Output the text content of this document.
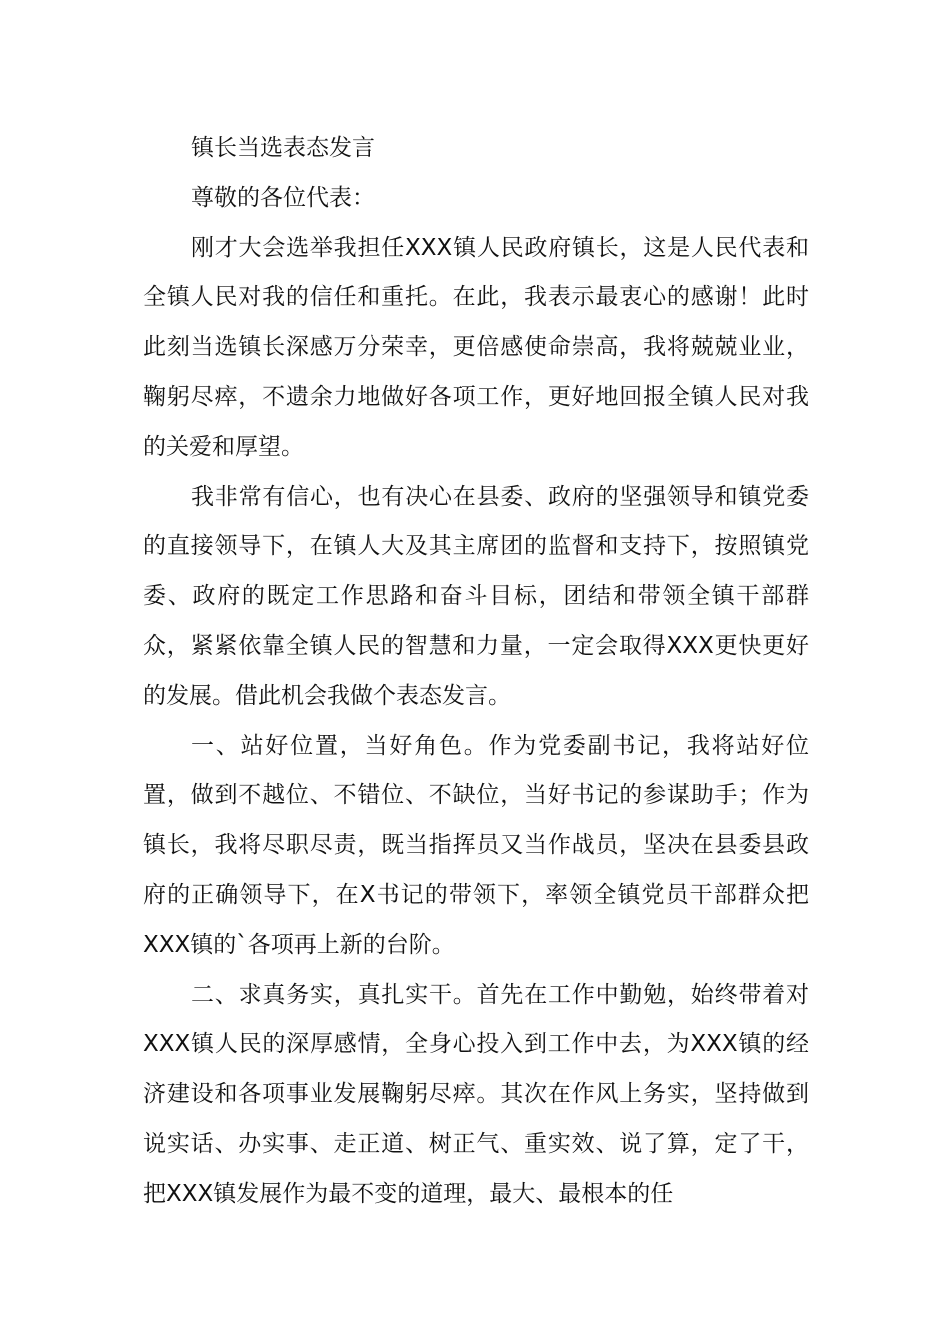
镇长当选表态发言

尊敬的各位代表：

刚才大会选举我担任XXX镇人民政府镇长，这是人民代表和全镇人民对我的信任和重托。在此，我表示最衷心的感谢！此时此刻当选镇长深感万分荣幸，更倍感使命崇高，我将兢兢业业，鞠躬尽瘁，不遗余力地做好各项工作，更好地回报全镇人民对我的关爱和厚望。

我非常有信心，也有决心在县委、政府的坚强领导和镇党委的直接领导下，在镇人大及其主席团的监督和支持下，按照镇党委、政府的既定工作思路和奋斗目标，团结和带领全镇干部群众，紧紧依靠全镇人民的智慧和力量，一定会取得XXX更快更好的发展。借此机会我做个表态发言。

一、站好位置，当好角色。作为党委副书记，我将站好位置，做到不越位、不错位、不缺位，当好书记的参谋助手；作为镇长，我将尽职尽责，既当指挥员又当作战员，坚决在县委县政府的正确领导下，在X书记的带领下，率领全镇党员干部群众把XXX镇的`各项再上新的台阶。

二、求真务实，真扎实干。首先在工作中勤勉，始终带着对XXX镇人民的深厚感情，全身心投入到工作中去，为XXX镇的经济建设和各项事业发展鞠躬尽瘁。其次在作风上务实，坚持做到说实话、办实事、走正道、树正气、重实效、说了算，定了干，把XXX镇发展作为最不变的道理，最大、最根本的任
